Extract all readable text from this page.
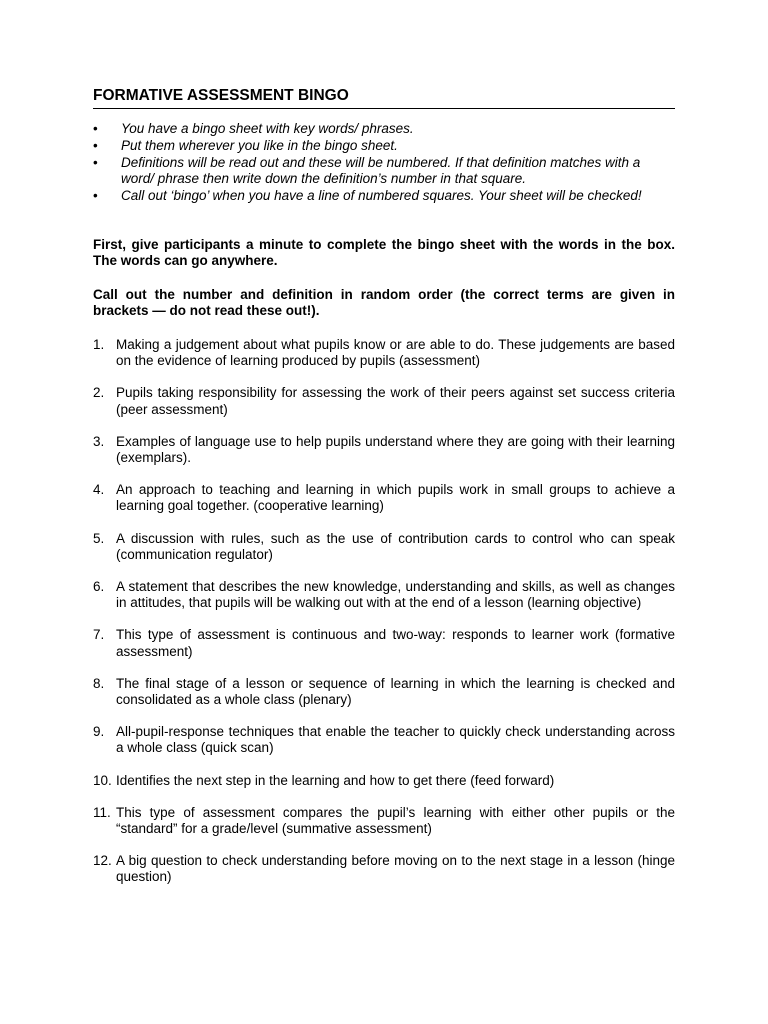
FORMATIVE ASSESSMENT BINGO
• You have a bingo sheet with key words/ phrases.
• Put them wherever you like in the bingo sheet.
• Definitions will be read out and these will be numbered. If that definition matches with a word/ phrase then write down the definition’s number in that square.
• Call out ‘bingo’ when you have a line of numbered squares. Your sheet will be checked!

First, give participants a minute to complete the bingo sheet with the words in the box. The words can go anywhere.

Call out the number and definition in random order (the correct terms are given in brackets — do not read these out!).

1. Making a judgement about what pupils know or are able to do. These judgements are based on the evidence of learning produced by pupils (assessment)
2. Pupils taking responsibility for assessing the work of their peers against set success criteria (peer assessment)
3. Examples of language use to help pupils understand where they are going with their learning (exemplars).
4. An approach to teaching and learning in which pupils work in small groups to achieve a learning goal together. (cooperative learning)
5. A discussion with rules, such as the use of contribution cards to control who can speak (communication regulator)
6. A statement that describes the new knowledge, understanding and skills, as well as changes in attitudes, that pupils will be walking out with at the end of a lesson (learning objective)
7. This type of assessment is continuous and two-way: responds to learner work (formative assessment)
8. The final stage of a lesson or sequence of learning in which the learning is checked and consolidated as a whole class (plenary)
9. All-pupil-response techniques that enable the teacher to quickly check understanding across a whole class (quick scan)
10. Identifies the next step in the learning and how to get there (feed forward)
11. This type of assessment compares the pupil’s learning with either other pupils or the “standard” for a grade/level (summative assessment)
12. A big question to check understanding before moving on to the next stage in a lesson (hinge question)
